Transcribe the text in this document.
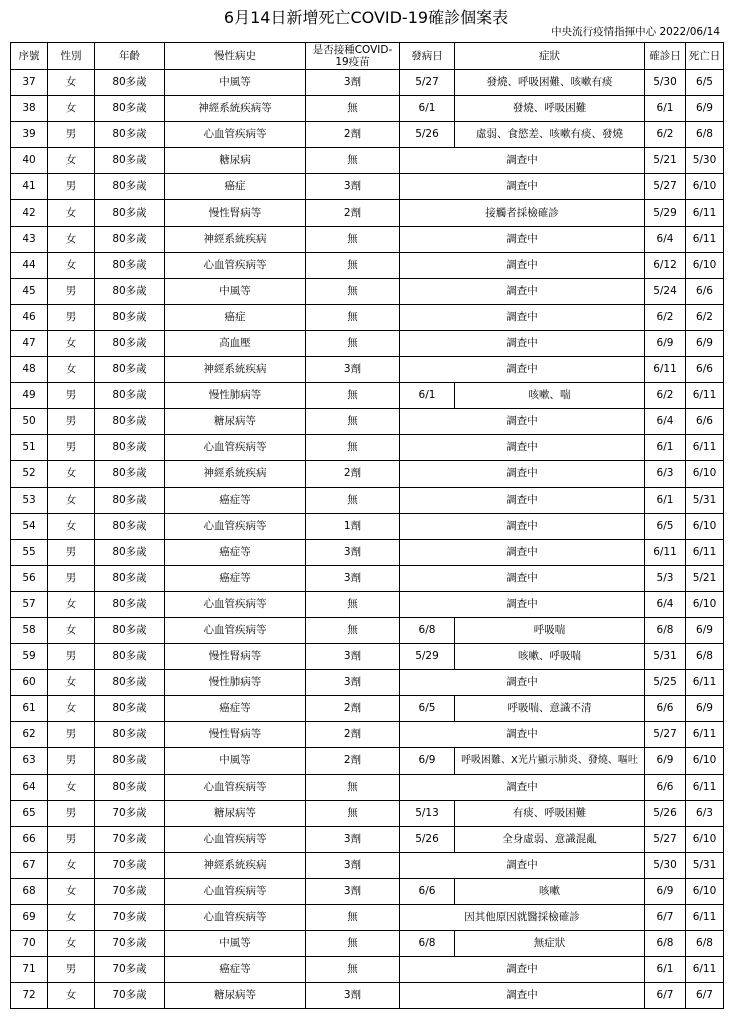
6月14日新增死亡COVID-19確診個案表
中央流行疫情指揮中心 2022/06/14
序號	性別	年齡	慢性病史	是否接種COVID-19疫苗	發病日	症狀	確診日	死亡日
37	女	80多歲	中風等	3劑	5/27	發燒、呼吸困難、咳嗽有痰	5/30	6/5
38	女	80多歲	神經系統疾病等	無	6/1	發燒、呼吸困難	6/1	6/9
39	男	80多歲	心血管疾病等	2劑	5/26	虛弱、食慾差、咳嗽有痰、發燒	6/2	6/8
40	女	80多歲	糖尿病	無	調查中		5/21	5/30
41	男	80多歲	癌症	3劑	調查中		5/27	6/10
42	女	80多歲	慢性腎病等	2劑	接觸者採檢確診		5/29	6/11
43	女	80多歲	神經系統疾病	無	調查中		6/4	6/11
44	女	80多歲	心血管疾病等	無	調查中		6/12	6/10
45	男	80多歲	中風等	無	調查中		5/24	6/6
46	男	80多歲	癌症	無	調查中		6/2	6/2
47	女	80多歲	高血壓	無	調查中		6/9	6/9
48	女	80多歲	神經系統疾病	3劑	調查中		6/11	6/6
49	男	80多歲	慢性肺病等	無	6/1	咳嗽、喘	6/2	6/11
50	男	80多歲	糖尿病等	無	調查中		6/4	6/6
51	男	80多歲	心血管疾病等	無	調查中		6/1	6/11
52	女	80多歲	神經系統疾病	2劑	調查中		6/3	6/10
53	女	80多歲	癌症等	無	調查中		6/1	5/31
54	女	80多歲	心血管疾病等	1劑	調查中		6/5	6/10
55	男	80多歲	癌症等	3劑	調查中		6/11	6/11
56	男	80多歲	癌症等	3劑	調查中		5/3	5/21
57	女	80多歲	心血管疾病等	無	調查中		6/4	6/10
58	女	80多歲	心血管疾病等	無	6/8	呼吸喘	6/8	6/9
59	男	80多歲	慢性腎病等	3劑	5/29	咳嗽、呼吸喘	5/31	6/8
60	女	80多歲	慢性肺病等	3劑	調查中		5/25	6/11
61	女	80多歲	癌症等	2劑	6/5	呼吸喘、意識不清	6/6	6/9
62	男	80多歲	慢性腎病等	2劑	調查中		5/27	6/11
63	男	80多歲	中風等	2劑	6/9	呼吸困難、X光片顯示肺炎、發燒、嘔吐	6/9	6/10
64	女	80多歲	心血管疾病等	無	調查中		6/6	6/11
65	男	70多歲	糖尿病等	無	5/13	有痰、呼吸困難	5/26	6/3
66	男	70多歲	心血管疾病等	3劑	5/26	全身虛弱、意識混亂	5/27	6/10
67	女	70多歲	神經系統疾病	3劑	調查中		5/30	5/31
68	女	70多歲	心血管疾病等	3劑	6/6	咳嗽	6/9	6/10
69	女	70多歲	心血管疾病等	無	因其他原因就醫採檢確診		6/7	6/11
70	女	70多歲	中風等	無	6/8	無症狀	6/8	6/8
71	男	70多歲	癌症等	無	調查中		6/1	6/11
72	女	70多歲	糖尿病等	3劑	調查中		6/7	6/7
